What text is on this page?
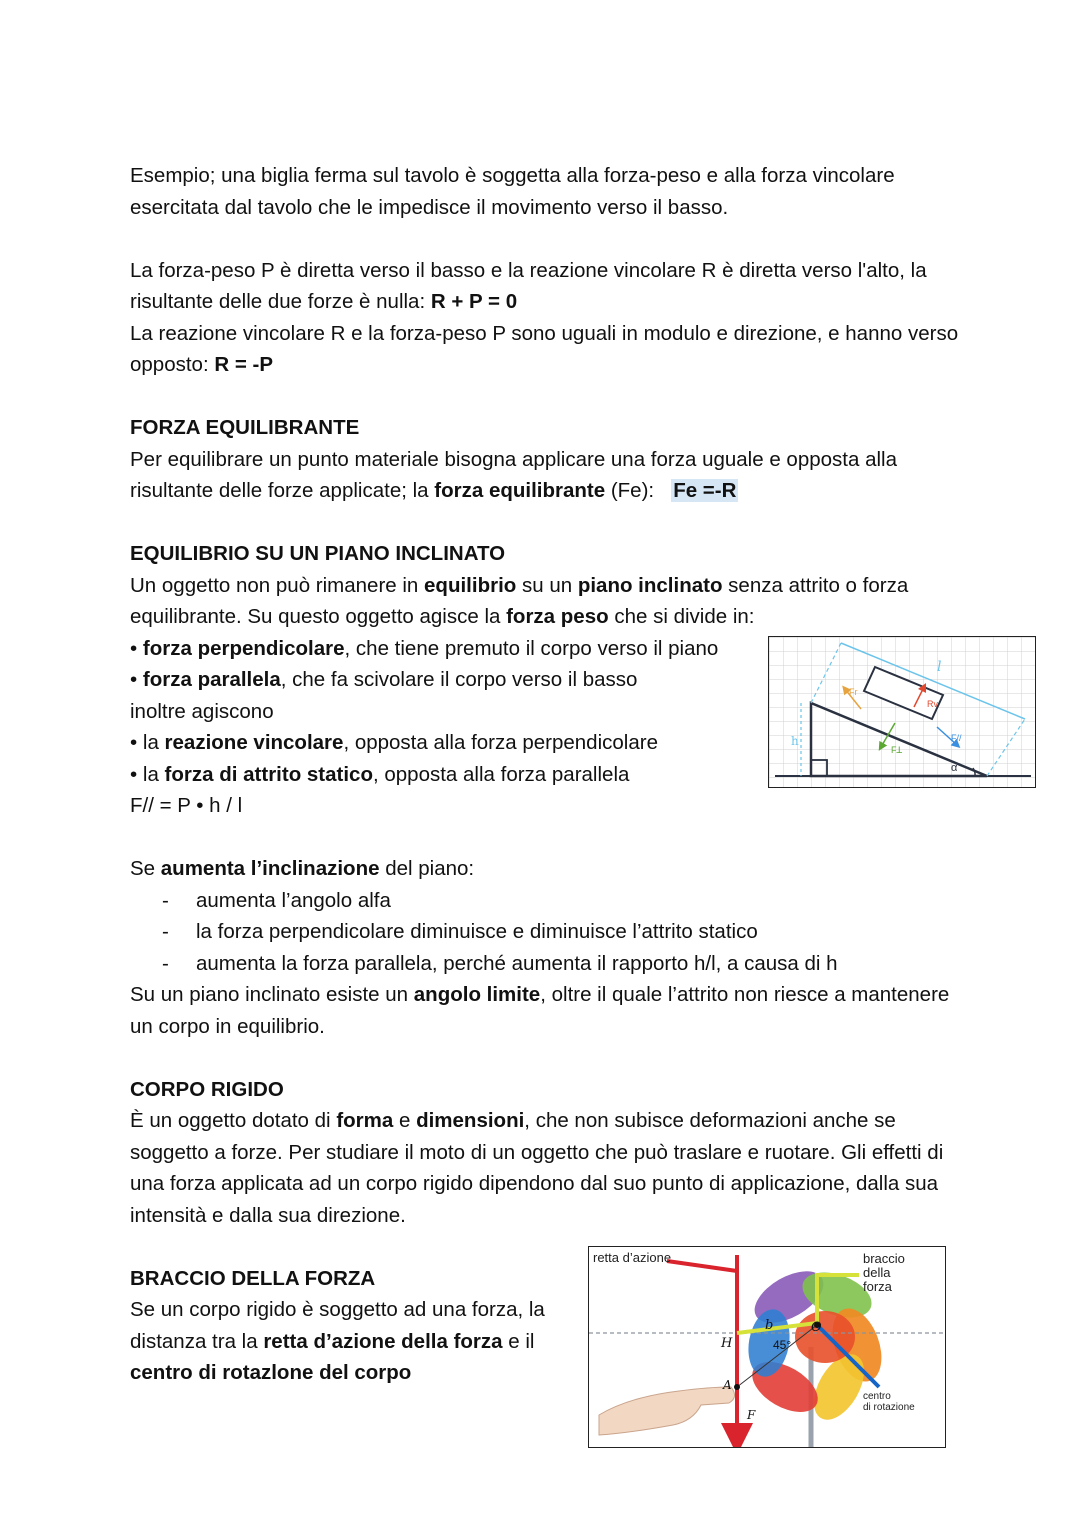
Esempio; una biglia ferma sul tavolo è soggetta alla forza-peso e alla forza vincolare esercitata dal tavolo che le impedisce il movimento verso il basso.

La forza-peso P è diretta verso il basso e la reazione vincolare R è diretta verso l'alto, la risultante delle due forze è nulla: R + P = 0

La reazione vincolare R e la forza-peso P sono uguali in modulo e direzione, e hanno verso opposto: R = -P

FORZA EQUILIBRANTE

Per equilibrare un punto materiale bisogna applicare una forza uguale e opposta alla risultante delle forze applicate; la forza equilibrante (Fe):   Fe =-R

EQUILIBRIO SU UN PIANO INCLINATO

Un oggetto non può rimanere in equilibrio su un piano inclinato senza attrito o forza equilibrante. Su questo oggetto agisce la forza peso che si divide in:

• forza perpendicolare, che tiene premuto il corpo verso il piano
• forza parallela, che fa scivolare il corpo verso il basso

inoltre agiscono

• la reazione vincolare, opposta alla forza perpendicolare
• la forza di attrito statico, opposta alla forza parallela

F// = P • h / l

Se aumenta l’inclinazione del piano:

- aumenta l’angolo alfa
- la forza perpendicolare diminuisce e diminuisce l’attrito statico
- aumenta la forza parallela, perché aumenta il rapporto h/l, a causa di h

Su un piano inclinato esiste un angolo limite, oltre il quale l’attrito non riesce a mantenere un corpo in equilibrio.

CORPO RIGIDO

È un oggetto dotato di forma e dimensioni, che non subisce deformazioni anche se soggetto a forze. Per studiare il moto di un oggetto che può traslare e ruotare. Gli effetti di una forza applicata ad un corpo rigido dipendono dal suo punto di applicazione, dalla sua intensità e dalla sua direzione.

BRACCIO DELLA FORZA

Se un corpo rigido è soggetto ad una forza, la distanza tra la retta d’azione della forza e il centro di rotazlone del corpo

α
h
l
Fr
Rv
F//
Fꓕ
retta d’azione	braccio
della
forza
b	O
H	45°
A
F
centro
di rotazione
